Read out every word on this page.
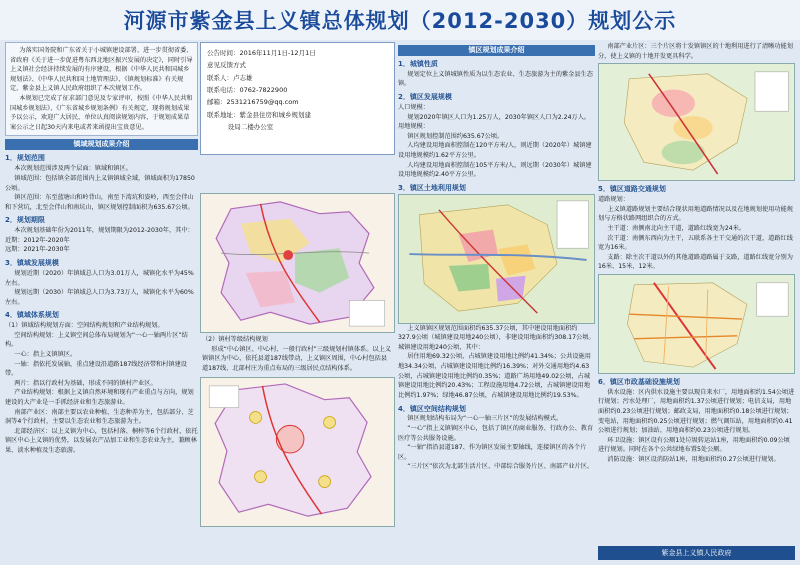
河源市紫金县上义镇总体规划（2012-2030）规划公示
为落实国务院和广东省关于小城镇建设部署、进一步贯彻省委、省政府《关于进一步促进粤东西北地区振兴发展的决定》，同时引导上义镇社会经济持续发展的有序建设，根据《中华人民共和国城乡规划法》、《中华人民共和国土地管理法》、《镇规划标准》有关规定，紫金县上义镇人民政府组织了本次规划工作。
本规划已完成了征求部门意见及专家评审，按照《中华人民共和国城乡规划法》、《广东省城乡规划条例》有关规定，现将规划成果予以公示，欢迎广大居民、单位认真阅读规划内容，于规划成果草案公示之日起30天内来电或者来函提出宝贵意见。
镇域规划成果介绍
1．规划范围
本次规划范围涉及两个层面：镇域和镇区。
镇域范围：包括镇全部范围内上义镇镇域全域，镇域面积为17850公顷。
镇区范围：东至蓝塘山和岭背山，南至下湾坑和姿岭，西至会伴山和下营坑，北至会伴山和南坑山，镇区规划控制面积为635.67公顷。
2．规划期限
本次规划基础年份为2011年，规划期限为2012-2030年，其中：
近期：2012年-2020年
远期：2021年-2030年
3．镇域发展规模
规划近期（2020）年镇域总人口为3.01万人，城镇化水平为45%左右。
规划远期（2030）年镇域总人口为3.73万人，城镇化水平为60%左右。
4．镇域体系规划
（1）镇域结构规划方面：空间结构规划和产业结构规划。
空间结构规划：上义镇空间总体布局规划为“一心一轴两片区”结构。
一心：指上义镇镇区。
一轴：指依托发展轴，重点建设沿道路187线经济带和村镇建设带。
两片：指以行政村为基础，形成不同的镇村产业区。
产业结构规划：根据上义镇自然环境和现有产业重点与方向，规划建设的大产业是一手抓经济业和生态旅游业。
南部产业区：南部主要以农业种植、生态种养为主，包括部分、芝洞等4个行政村，主要以生态农业和生态旅游为主。
北部经济区：以上义镇为中心，包括村落、桐梓等6个行政村，依托镇区中心上义镇的优势，以发展农产品加工业和生态农业为主，兼顾林果、淡水种植及生态旅游。
公告时间：2016年11月1日-12月1日
意见反馈方式
联系人：卢志雄
联系电话：0762-7822900
邮箱：2531216759@qq.com
联系地址：紫金县住房和城乡规划建
设局二楼办公室
（2）镇村等级结构规划
形成“中心镇区、中心村、一般行政村”三级规划村镇体系。以上义镇镇区为中心，依托县道187线带动，上义镇区周围，中心村包括县道187线、北部村庄为重点布局的三级居民点结构体系。
镇区规划成果介绍
1．城镇性质
规划定位上义镇城镇性质为以生态农业、生态旅游为主的紫金县生态镇。
2．镇区发展规模
人口规模：
规划2020年镇区人口为1.25万人，2030年镇区人口为2.24万人。
用地规模：
镇区规划控制范围约635.67公顷。
人均建设用地面积控制在120平方米/人，则近期（2020年）城镇建设用地规模约1.62平方公里。
人均建设用地面积控制在105平方米/人，则远期（2030年）城镇建设用地规模约2.40平方公里。
3．镇区土地利用规划
上义镇镇区规划范围面积约635.37公顷，其中建设用地面积约327.9公顷（城镇建设用地240公顷），非建设用地面积约308.17公顷。
城镇建设用地240公顷，其中：
居住用地69.32公顷，占城镇建设用地比例约41.34%；公共设施用地34.34公顷，占城镇建设用地比例约16.39%；对外交通用地约4.63公顷，占城镇建设用地比例约0.35%；道路广场用地49.02公顷，占城镇建设用地比例约20.43%；工程设施用地4.72公顷，占城镇建设用地比例约1.97%；绿地46.87公顷，占城镇建设用地比例约19.53%。
4．镇区空间结构规划
镇区规划结构布局为“一心一轴三片区”的发展结构模式。
“一心”指上义镇镇区中心，包括了镇区的商业服务、行政办公、教育医疗等公共服务设施。
“一轴”指沿县道187、作为镇区发展主要轴线，连接镇区的各个片区。
“三片区”依次为北部生活片区、中部综合服务片区、南部产业片区。
南部产业片区：三个片区将十发镇镇区的十地利用进行了清晰功能划分，使上义镇的十地开发更具科学。
5．镇区道路交通规划
道路规划：
上义镇道路规划主要结合现状用地道路情况以及在地规划使用功能规划与方格状路网组织合的方式。
主干道：南侧南北向主干道，道路红线宽为24米。
次干道：南侧东西向为主干，五联系各主干交通的次干道，道路红线宽为16米。
支路：除主次干道以外的其他道路道路属于支路，道路红线宽分别为16米、15米、12米。
6．镇区市政基础设施规划
供水设施：区内供水设施主要以现自来水厂，用地面积约1.54公顷进行规划；污水处理厂，用地面积约1.37公顷进行规划；电信支局，用地面积约0.23公顷进行规划；邮政支局，用地面积约0.18公顷进行规划；变电站，用地面积约0.25公顷进行规划；燃气调压站，用地面积约0.41公顷进行规划；加油站，用地面积约0.23公顷进行规划。
环卫设施：镇区设有公厕1处垃圾转运站1座，用地面积约0.09公顷进行规划。同时在各个公共绿地布置5处公厕。
消防设施：镇区设消防站1座，用地面积约0.27公顷进行规划。
紫金县上义镇人民政府
